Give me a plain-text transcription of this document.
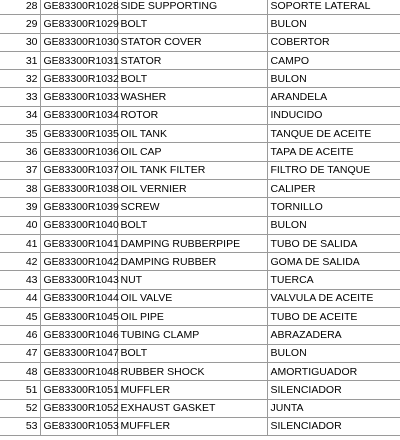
28	GE83300R1028	SIDE SUPPORTING	SOPORTE LATERAL
29	GE83300R1029	BOLT	BULON
30	GE83300R1030	STATOR COVER	COBERTOR
31	GE83300R1031	STATOR	CAMPO
32	GE83300R1032	BOLT	BULON
33	GE83300R1033	WASHER	ARANDELA
34	GE83300R1034	ROTOR	INDUCIDO
35	GE83300R1035	OIL TANK	TANQUE DE ACEITE
36	GE83300R1036	OIL CAP	TAPA DE ACEITE
37	GE83300R1037	OIL TANK FILTER	FILTRO DE TANQUE
38	GE83300R1038	OIL VERNIER	CALIPER
39	GE83300R1039	SCREW	TORNILLO
40	GE83300R1040	BOLT	BULON
41	GE83300R1041	DAMPING RUBBERPIPE	TUBO DE SALIDA
42	GE83300R1042	DAMPING RUBBER	GOMA DE SALIDA
43	GE83300R1043	NUT	TUERCA
44	GE83300R1044	OIL VALVE	VALVULA DE ACEITE
45	GE83300R1045	OIL PIPE	TUBO DE ACEITE
46	GE83300R1046	TUBING CLAMP	ABRAZADERA
47	GE83300R1047	BOLT	BULON
48	GE83300R1048	RUBBER SHOCK	AMORTIGUADOR
51	GE83300R1051	MUFFLER	SILENCIADOR
52	GE83300R1052	EXHAUST GASKET	JUNTA
53	GE83300R1053	MUFFLER	SILENCIADOR
